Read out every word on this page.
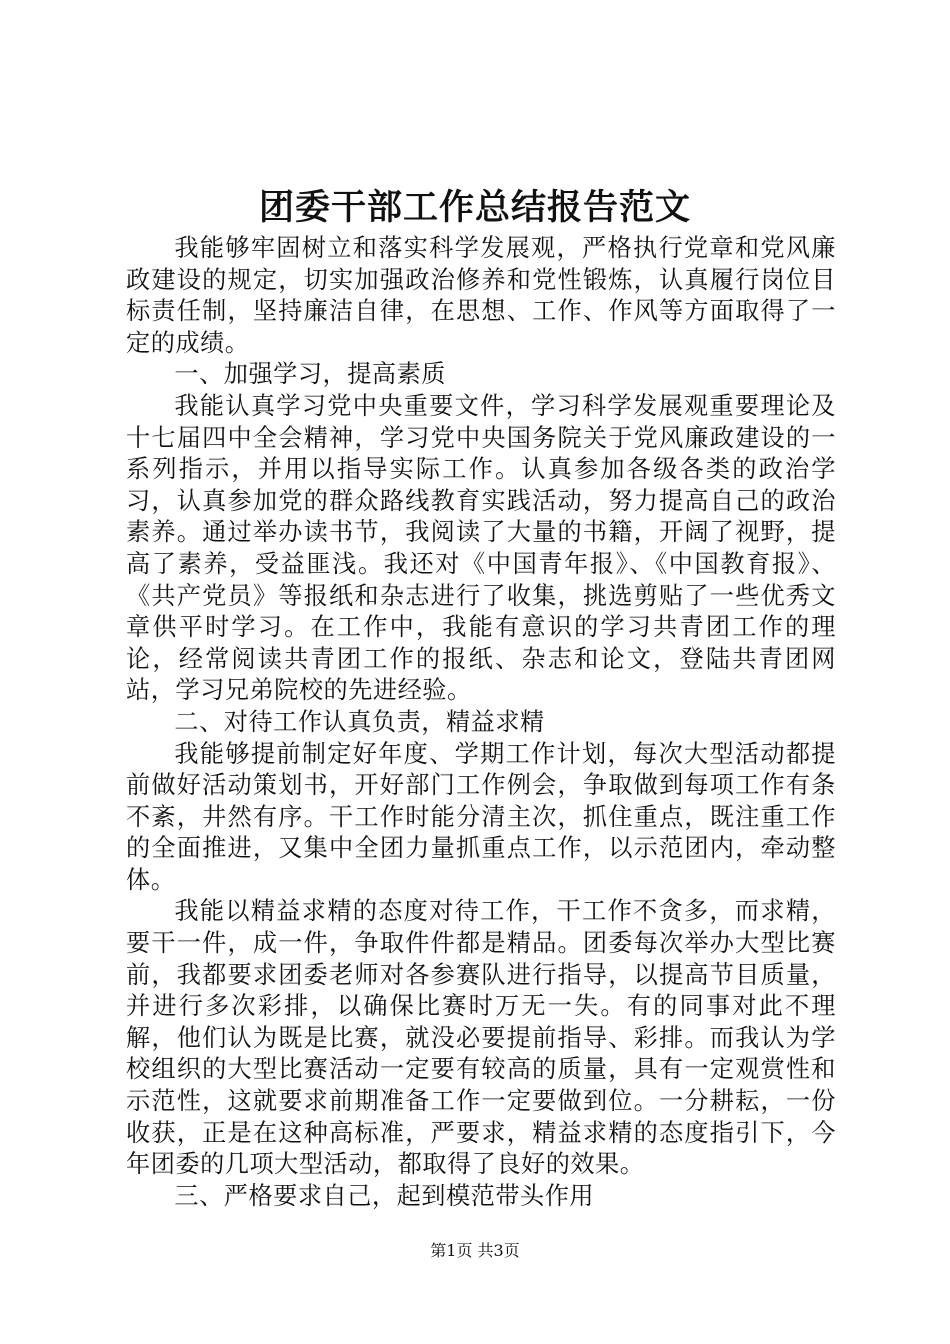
团委干部工作总结报告范文

我能够牢固树立和落实科学发展观，严格执行党章和党风廉政建设的规定，切实加强政治修养和党性锻炼，认真履行岗位目标责任制，坚持廉洁自律，在思想、工作、作风等方面取得了一定的成绩。

一、加强学习，提高素质

我能认真学习党中央重要文件，学习科学发展观重要理论及十七届四中全会精神，学习党中央国务院关于党风廉政建设的一系列指示，并用以指导实际工作。认真参加各级各类的政治学习，认真参加党的群众路线教育实践活动，努力提高自己的政治素养。通过举办读书节，我阅读了大量的书籍，开阔了视野，提高了素养，受益匪浅。我还对《中国青年报》、《中国教育报》、《共产党员》等报纸和杂志进行了收集，挑选剪贴了一些优秀文章供平时学习。在工作中，我能有意识的学习共青团工作的理论，经常阅读共青团工作的报纸、杂志和论文，登陆共青团网站，学习兄弟院校的先进经验。

二、对待工作认真负责，精益求精

我能够提前制定好年度、学期工作计划，每次大型活动都提前做好活动策划书，开好部门工作例会，争取做到每项工作有条不紊，井然有序。干工作时能分清主次，抓住重点，既注重工作的全面推进，又集中全团力量抓重点工作，以示范团内，牵动整体。

我能以精益求精的态度对待工作，干工作不贪多，而求精，要干一件，成一件，争取件件都是精品。团委每次举办大型比赛前，我都要求团委老师对各参赛队进行指导，以提高节目质量，并进行多次彩排，以确保比赛时万无一失。有的同事对此不理解，他们认为既是比赛，就没必要提前指导、彩排。而我认为学校组织的大型比赛活动一定要有较高的质量，具有一定观赏性和示范性，这就要求前期准备工作一定要做到位。一分耕耘，一份收获，正是在这种高标准，严要求，精益求精的态度指引下，今年团委的几项大型活动，都取得了良好的效果。

三、严格要求自己，起到模范带头作用

第1页 共3页
